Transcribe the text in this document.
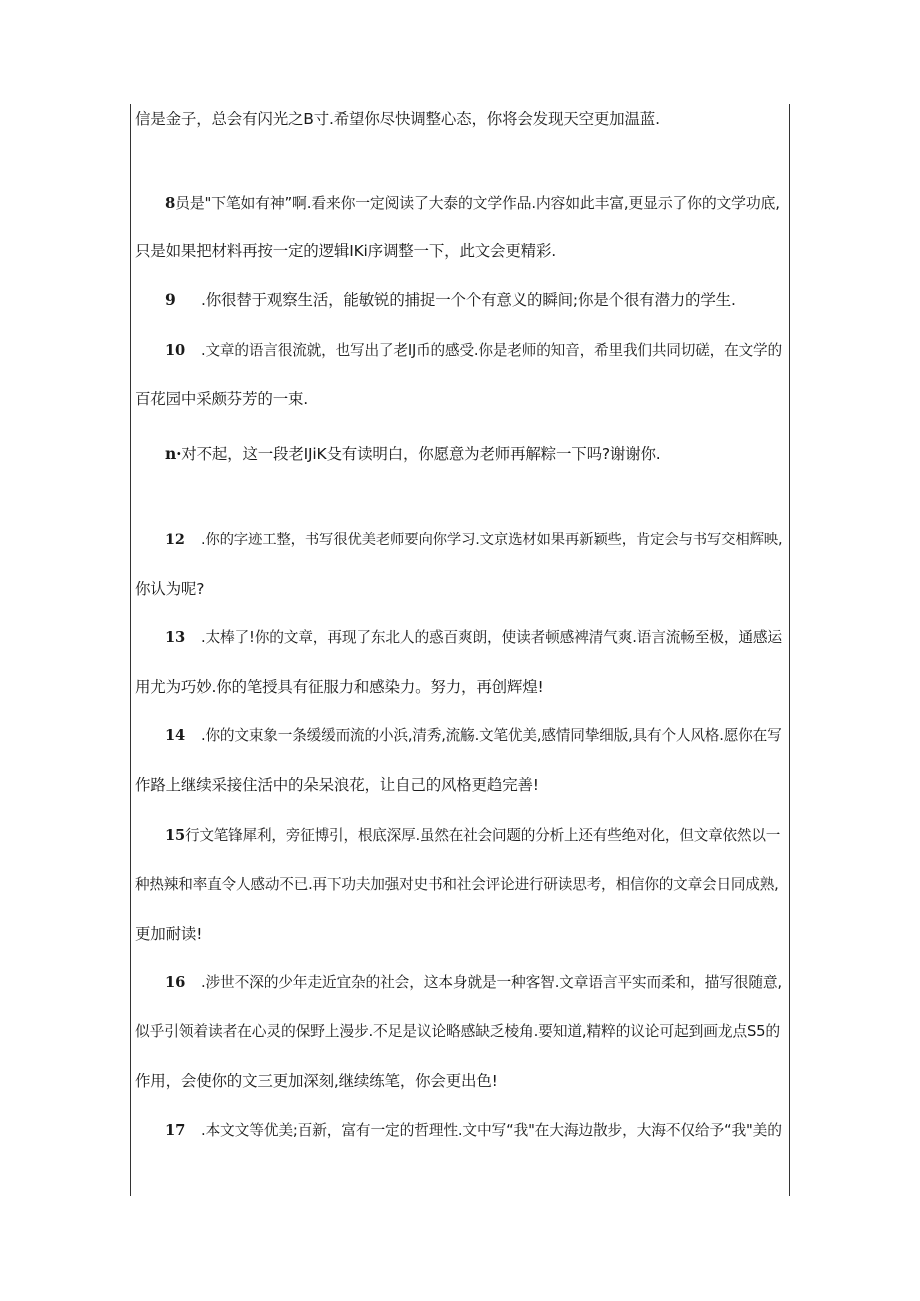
信是金子，总会有闪光之B寸.希望你尽快调整心态，你将会发现天空更加温蓝.
8员是"下笔如有神”啊.看来你一定阅读了大泰的文学作品.内容如此丰富,更显示了你的文学功底,
只是如果把材料再按一定的逻辑IKi序调整一下，此文会更精彩.
9 .你很替于观察生活，能敏锐的捕捉一个个有意义的瞬间;你是个很有潜力的学生.
10 .文章的语言很流就，也写出了老IJ币的感受.你是老师的知音，希里我们共同切磋，在文学的
百花园中采颇芬芳的一束.
n·对不起，这一段老IJiK殳有读明白，你愿意为老师再解粽一下吗?谢谢你.
12 .你的字迹工整，书写很优美老师要向你学习.文京选材如果再新颖些，肯定会与书写交相辉映,
你认为呢?
13 .太棒了!你的文章，再现了东北人的惑百爽朗，使读者顿感裨清气爽.语言流畅至极，通感运
用尤为巧妙.你的笔授具有征服力和感染力。努力，再创辉煌!
14 .你的文束象一条缓缓而流的小浜,清秀,流觞.文笔优美,感情同挚细版,具有个人风格.愿你在写
作路上继续采接住活中的朵呆浪花，让自己的风格更趋完善!
15行文笔锋犀利，旁征博引，根底深厚.虽然在社会问题的分析上还有些绝对化，但文章依然以一
种热辣和率直令人感动不已.再下功夫加强对史书和社会评论进行研读思考，相信你的文章会日同成熟,
更加耐读!
16 .涉世不深的少年走近宜杂的社会，这本身就是一种客智.文章语言平实而柔和，描写很随意,
似乎引领着读者在心灵的保野上漫步.不足是议论略感缺乏棱角.要知道,精粹的议论可起到画龙点S5的
作用，会使你的文三更加深刻,继续练笔，你会更出色!
17 .本文文等优美;百新，富有一定的哲理性.文中写“我"在大海边散步，大海不仅给予“我"美的
